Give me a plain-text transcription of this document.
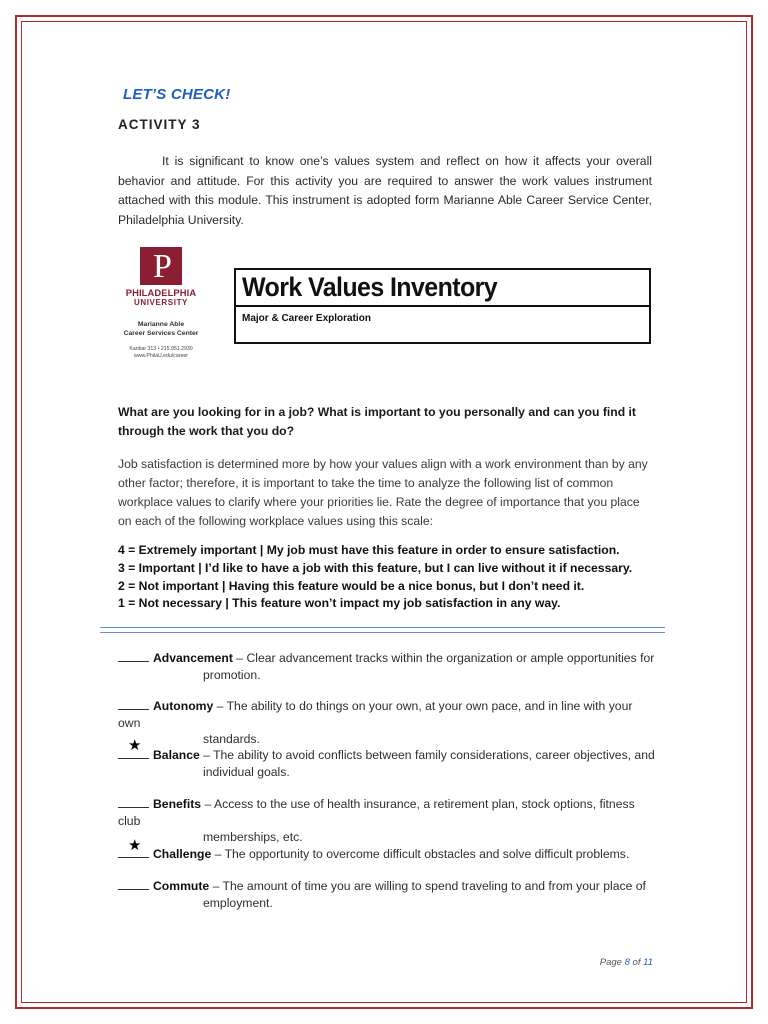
LET’S CHECK!
ACTIVITY 3
It is significant to know one’s values system and reflect on how it affects your overall behavior and attitude. For this activity you are required to answer the work values instrument attached with this module. This instrument is adopted form Marianne Able Career Service Center, Philadelphia University.
P
PHILADELPHIA
UNIVERSITY
Marianne Able
Career Services Center
Kanbar 313 • 215.951.2930
www.PhilaU.edu/career
Work Values Inventory
Major & Career Exploration
What are you looking for in a job? What is important to you personally and can you find it through the work that you do?
Job satisfaction is determined more by how your values align with a work environment than by any other factor; therefore, it is important to take the time to analyze the following list of common workplace values to clarify where your priorities lie. Rate the degree of importance that you place on each of the following workplace values using this scale:
4 = Extremely important | My job must have this feature in order to ensure satisfaction.
3 = Important | I’d like to have a job with this feature, but I can live without it if necessary.
2 = Not important | Having this feature would be a nice bonus, but I don’t need it.
1 = Not necessary | This feature won’t impact my job satisfaction in any way.
Advancement – Clear advancement tracks within the organization or ample opportunities for
promotion.
Autonomy – The ability to do things on your own, at your own pace, and in line with your own
standards.
★
Balance – The ability to avoid conflicts between family considerations, career objectives, and
individual goals.
Benefits – Access to the use of health insurance, a retirement plan, stock options, fitness club
memberships, etc.
★ Challenge – The opportunity to overcome difficult obstacles and solve difficult problems.
Commute – The amount of time you are willing to spend traveling to and from your place of
employment.
Page 8 of 11
